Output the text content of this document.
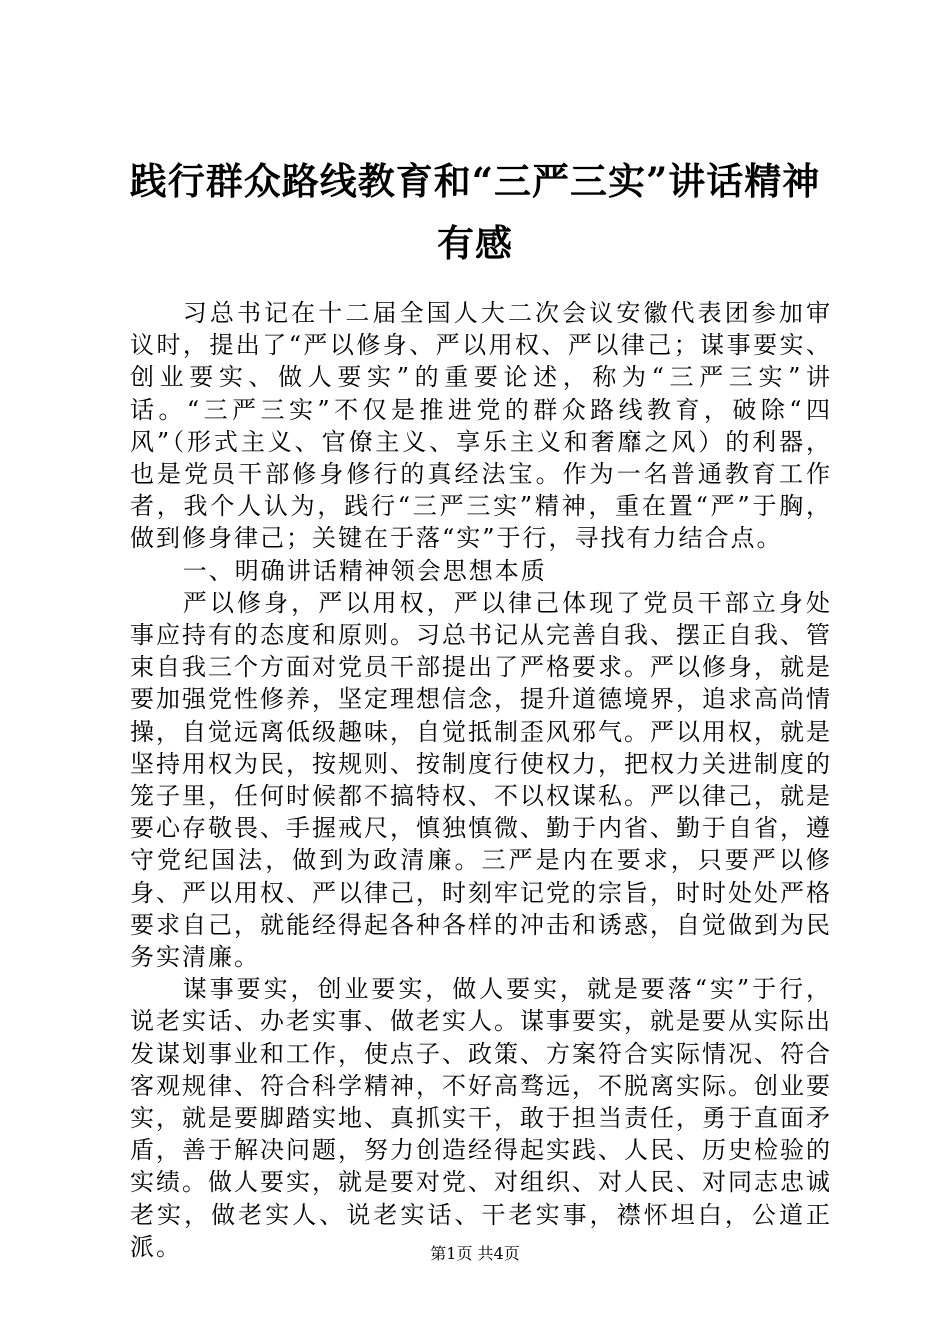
践行群众路线教育和“三严三实”讲话精神有感

习总书记在十二届全国人大二次会议安徽代表团参加审议时，提出了“严以修身、严以用权、严以律己；谋事要实、创业要实、做人要实”的重要论述，称为“三严三实”讲话。“三严三实”不仅是推进党的群众路线教育，破除“四风”（形式主义、官僚主义、享乐主义和奢靡之风）的利器，也是党员干部修身修行的真经法宝。作为一名普通教育工作者，我个人认为，践行“三严三实”精神，重在置“严”于胸，做到修身律己；关键在于落“实”于行，寻找有力结合点。

一、明确讲话精神领会思想本质

严以修身，严以用权，严以律己体现了党员干部立身处事应持有的态度和原则。习总书记从完善自我、摆正自我、管束自我三个方面对党员干部提出了严格要求。严以修身，就是要加强党性修养，坚定理想信念，提升道德境界，追求高尚情操，自觉远离低级趣味，自觉抵制歪风邪气。严以用权，就是坚持用权为民，按规则、按制度行使权力，把权力关进制度的笼子里，任何时候都不搞特权、不以权谋私。严以律己，就是要心存敬畏、手握戒尺，慎独慎微、勤于内省、勤于自省，遵守党纪国法，做到为政清廉。三严是内在要求，只要严以修身、严以用权、严以律己，时刻牢记党的宗旨，时时处处严格要求自己，就能经得起各种各样的冲击和诱惑，自觉做到为民务实清廉。

谋事要实，创业要实，做人要实，就是要落“实”于行，说老实话、办老实事、做老实人。谋事要实，就是要从实际出发谋划事业和工作，使点子、政策、方案符合实际情况、符合客观规律、符合科学精神，不好高骛远，不脱离实际。创业要实，就是要脚踏实地、真抓实干，敢于担当责任，勇于直面矛盾，善于解决问题，努力创造经得起实践、人民、历史检验的实绩。做人要实，就是要对党、对组织、对人民、对同志忠诚老实，做老实人、说老实话、干老实事，襟怀坦白，公道正派。	第1页 共4页
